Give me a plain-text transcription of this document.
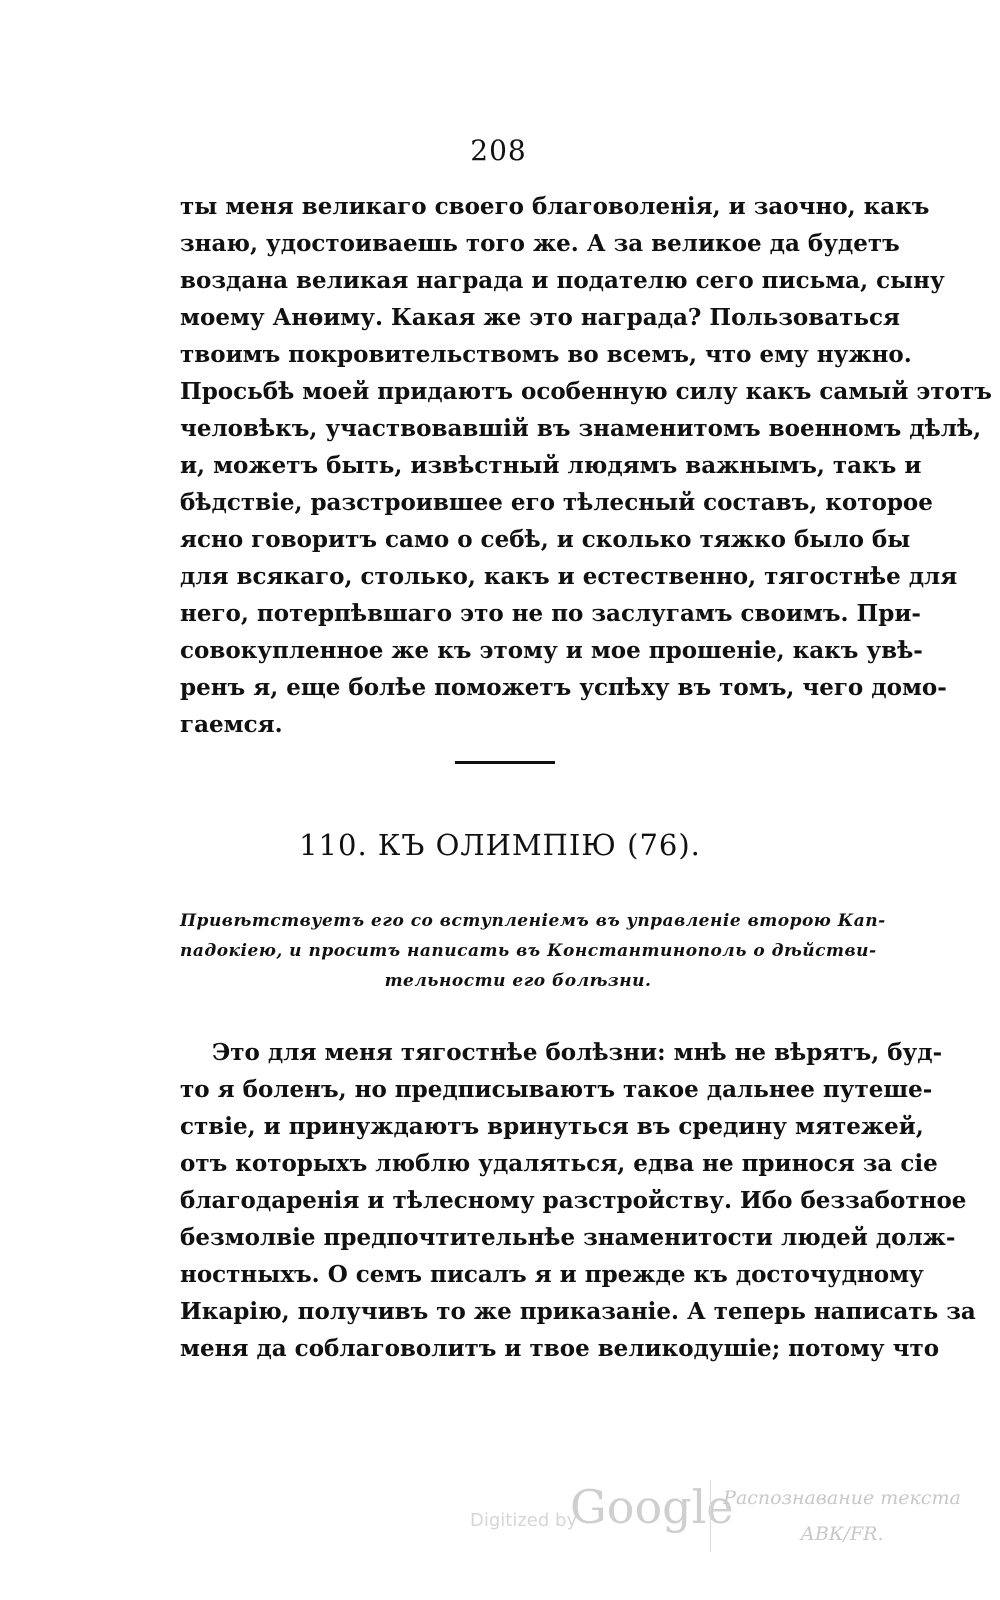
208
ты меня великаго своего благоволенія, и заочно, какъ
знаю, удостоиваешь того же. А за великое да будетъ
воздана великая награда и подателю сего письма, сыну
моему Анѳиму. Какая же это награда? Пользоваться
твоимъ покровительствомъ во всемъ, что ему нужно.
Просьбѣ моей придаютъ особенную силу какъ самый этотъ
человѣкъ, участвовавшій въ знаменитомъ военномъ дѣлѣ,
и, можетъ быть, извѣстный людямъ важнымъ, такъ и
бѣдствіе, разстроившее его тѣлесный составъ, которое
ясно говоритъ само о себѣ, и сколько тяжко было бы
для всякаго, столько, какъ и естественно, тягостнѣе для
него, потерпѣвшаго это не по заслугамъ своимъ. При-
совокупленное же къ этому и мое прошеніе, какъ увѣ-
ренъ я, еще болѣе поможетъ успѣху въ томъ, чего домо-
гаемся.
110. КЪ ОЛИМПІЮ (76).
Привѣтствуетъ его со вступленіемъ въ управленіе второю Кап-
падокіею, и проситъ написать въ Константинополь о дѣйстви-
тельности его болѣзни.
Это для меня тягостнѣе болѣзни: мнѣ не вѣрятъ, буд-
то я боленъ, но предписываютъ такое дальнее путеше-
ствіе, и принуждаютъ вринуться въ средину мятежей,
отъ которыхъ люблю удаляться, едва не принося за сіе
благодаренія и тѣлесному разстройству. Ибо беззаботное
безмолвіе предпочтительнѣе знаменитости людей долж-
ностныхъ. О семъ писалъ я и прежде къ досточудному
Икарію, получивъ то же приказаніе. А теперь написать за
меня да соблаговолитъ и твое великодушіе; потому что
Digitized by
Google
Распознавание текста
АВК/FR.
